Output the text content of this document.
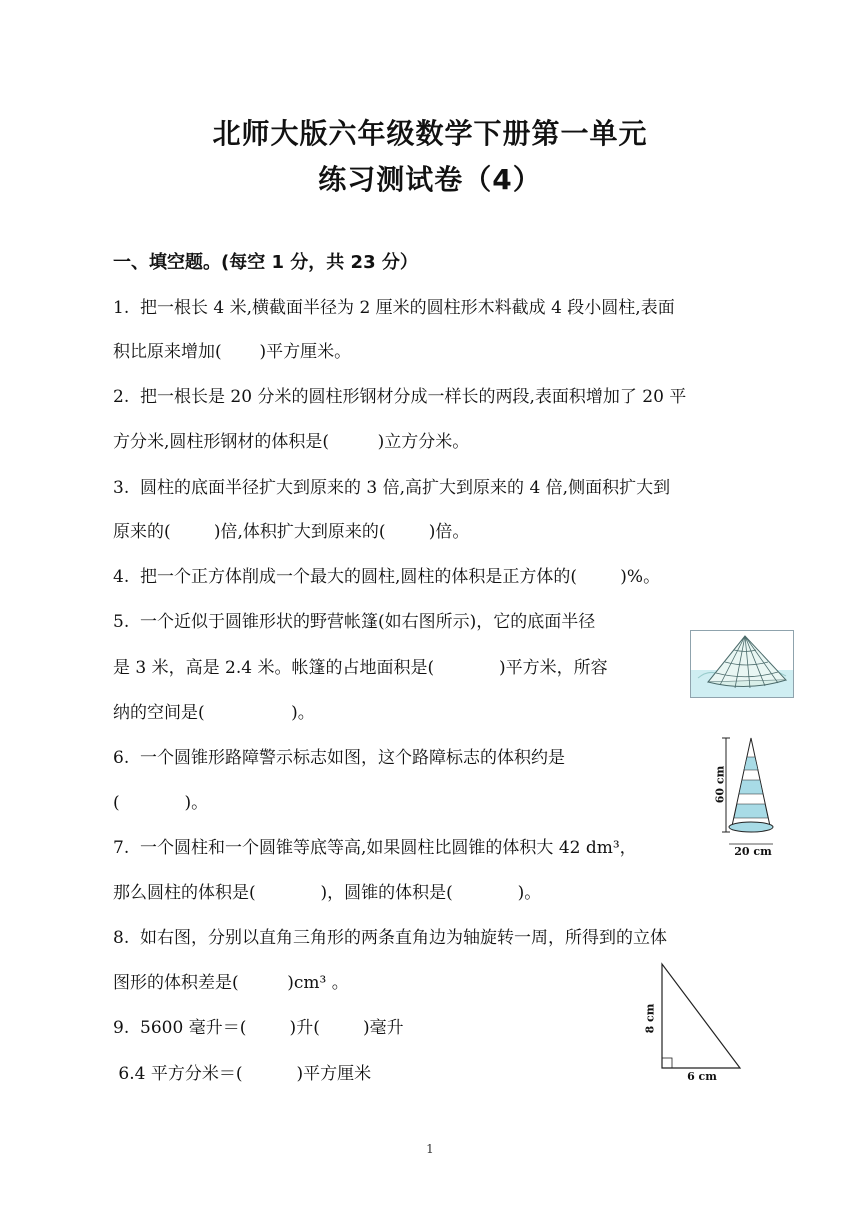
北师大版六年级数学下册第一单元
练习测试卷（4）
一、填空题。(每空 1 分，共 23 分）
1.  把一根长 4 米,横截面半径为 2 厘米的圆柱形木料截成 4 段小圆柱,表面
积比原来增加(       )平方厘米。
2.  把一根长是 20 分米的圆柱形钢材分成一样长的两段,表面积增加了 20 平
方分米,圆柱形钢材的体积是(         )立方分米。
3.  圆柱的底面半径扩大到原来的 3 倍,高扩大到原来的 4 倍,侧面积扩大到
原来的(        )倍,体积扩大到原来的(        )倍。
4.  把一个正方体削成一个最大的圆柱,圆柱的体积是正方体的(        )%。
5.  一个近似于圆锥形状的野营帐篷(如右图所示)，它的底面半径
是 3 米，高是 2.4 米。帐篷的占地面积是(            )平方米，所容
纳的空间是(                )。
6.  一个圆锥形路障警示标志如图，这个路障标志的体积约是
(            )。
7.  一个圆柱和一个圆锥等底等高,如果圆柱比圆锥的体积大 42 dm³，
那么圆柱的体积是(            )，圆锥的体积是(            )。
8.  如右图，分别以直角三角形的两条直角边为轴旋转一周，所得到的立体
图形的体积差是(         )cm³ 。
9.  5600 毫升＝(        )升(        )毫升
6.4 平方分米＝(          )平方厘米
60 cm
20 cm
8 cm
6 cm
1
